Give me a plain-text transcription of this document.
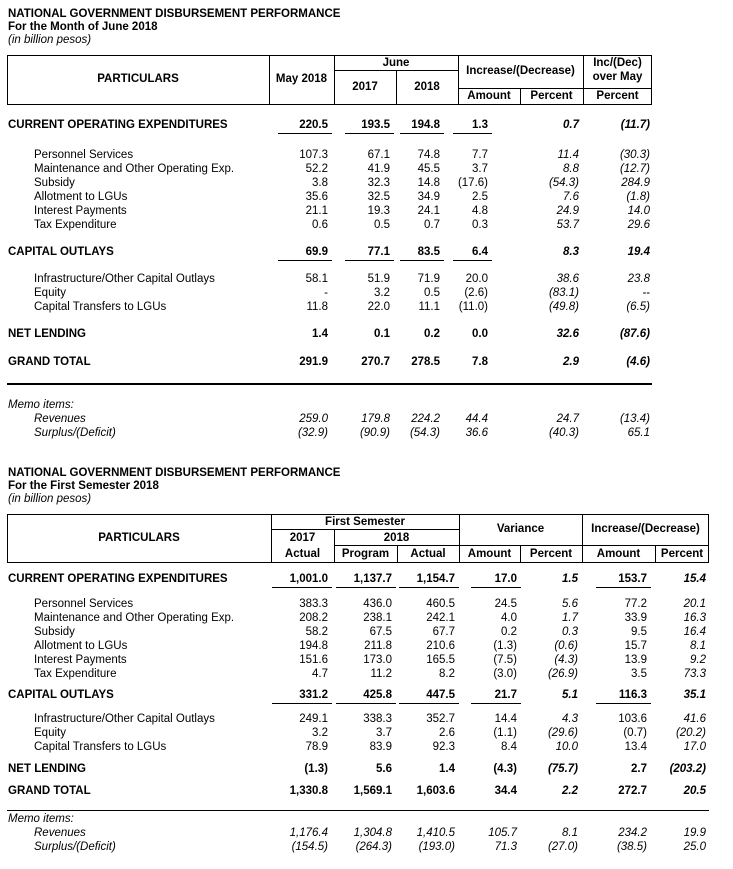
NATIONAL GOVERNMENT DISBURSEMENT PERFORMANCE
For the Month of June 2018
(in billion pesos)
PARTICULARS	May 2018
June
2017	2018
Increase/(Decrease)
Amount	Percent
Inc/(Dec)
over May
Percent
CURRENT OPERATING EXPENDITURES	220.5	193.5	194.8	1.3	0.7	(11.7)
Personnel Services	107.3	67.1	74.8	7.7	11.4	(30.3)
Maintenance and Other Operating Exp.	52.2	41.9	45.5	3.7	8.8	(12.7)
Subsidy	3.8	32.3	14.8	(17.6)	(54.3)	284.9
Allotment to LGUs	35.6	32.5	34.9	2.5	7.6	(1.8)
Interest Payments	21.1	19.3	24.1	4.8	24.9	14.0
Tax Expenditure	0.6	0.5	0.7	0.3	53.7	29.6
CAPITAL OUTLAYS	69.9	77.1	83.5	6.4	8.3	19.4
Infrastructure/Other Capital Outlays	58.1	51.9	71.9	20.0	38.6	23.8
Equity	-	3.2	0.5	(2.6)	(83.1)	--
Capital Transfers to LGUs	11.8	22.0	11.1	(11.0)	(49.8)	(6.5)
NET LENDING	1.4	0.1	0.2	0.0	32.6	(87.6)
GRAND TOTAL	291.9	270.7	278.5	7.8	2.9	(4.6)
Memo items:
Revenues	259.0	179.8	224.2	44.4	24.7	(13.4)
Surplus/(Deficit)	(32.9)	(90.9)	(54.3)	36.6	(40.3)	65.1
NATIONAL GOVERNMENT DISBURSEMENT PERFORMANCE
For the First Semester 2018
(in billion pesos)
PARTICULARS
First Semester
2017
Actual
2018
Program	Actual
Variance
Amount	Percent
Increase/(Decrease)
Amount	Percent
CURRENT OPERATING EXPENDITURES	1,001.0	1,137.7	1,154.7	17.0	1.5	153.7	15.4
Personnel Services	383.3	436.0	460.5	24.5	5.6	77.2	20.1
Maintenance and Other Operating Exp.	208.2	238.1	242.1	4.0	1.7	33.9	16.3
Subsidy	58.2	67.5	67.7	0.2	0.3	9.5	16.4
Allotment to LGUs	194.8	211.8	210.6	(1.3)	(0.6)	15.7	8.1
Interest Payments	151.6	173.0	165.5	(7.5)	(4.3)	13.9	9.2
Tax Expenditure	4.7	11.2	8.2	(3.0)	(26.9)	3.5	73.3
CAPITAL OUTLAYS	331.2	425.8	447.5	21.7	5.1	116.3	35.1
Infrastructure/Other Capital Outlays	249.1	338.3	352.7	14.4	4.3	103.6	41.6
Equity	3.2	3.7	2.6	(1.1)	(29.6)	(0.7)	(20.2)
Capital Transfers to LGUs	78.9	83.9	92.3	8.4	10.0	13.4	17.0
NET LENDING	(1.3)	5.6	1.4	(4.3)	(75.7)	2.7	(203.2)
GRAND TOTAL	1,330.8	1,569.1	1,603.6	34.4	2.2	272.7	20.5
Memo items:
Revenues	1,176.4	1,304.8	1,410.5	105.7	8.1	234.2	19.9
Surplus/(Deficit)	(154.5)	(264.3)	(193.0)	71.3	(27.0)	(38.5)	25.0
